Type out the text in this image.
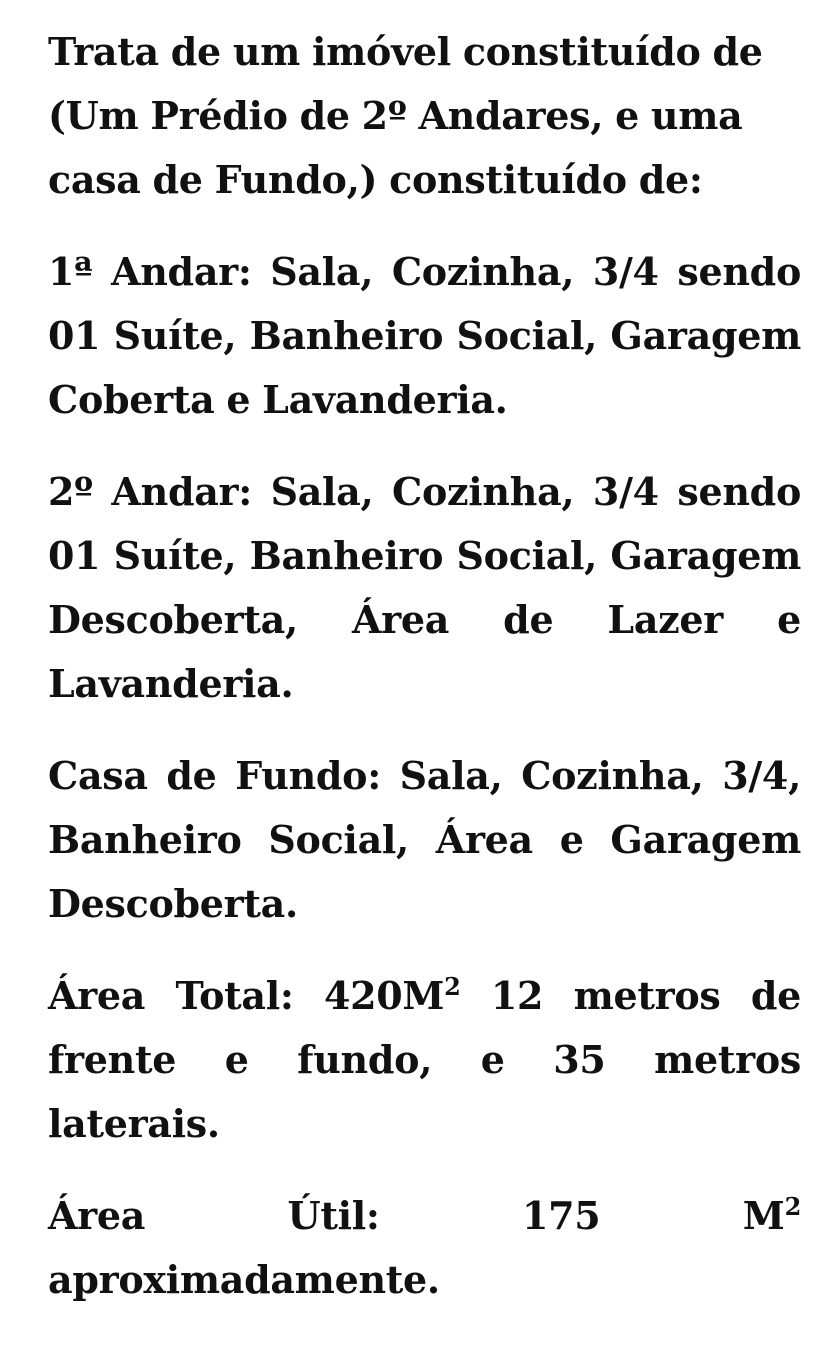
Trata de um imóvel constituído de (Um Prédio de 2º Andares, e uma casa de Fundo,) constituído de:

1ª Andar: Sala, Cozinha, 3/4 sendo 01 Suíte, Banheiro Social, Garagem Coberta e Lavanderia.

2º Andar: Sala, Cozinha, 3/4 sendo 01 Suíte, Banheiro Social, Garagem Descoberta, Área de Lazer e Lavanderia.

Casa de Fundo: Sala, Cozinha, 3/4, Banheiro Social, Área e Garagem Descoberta.

Área Total: $420M^2$ 12 metros de frente e fundo, e 35 metros laterais.

Área	Útil:	175	$M^2$
aproximadamente.
